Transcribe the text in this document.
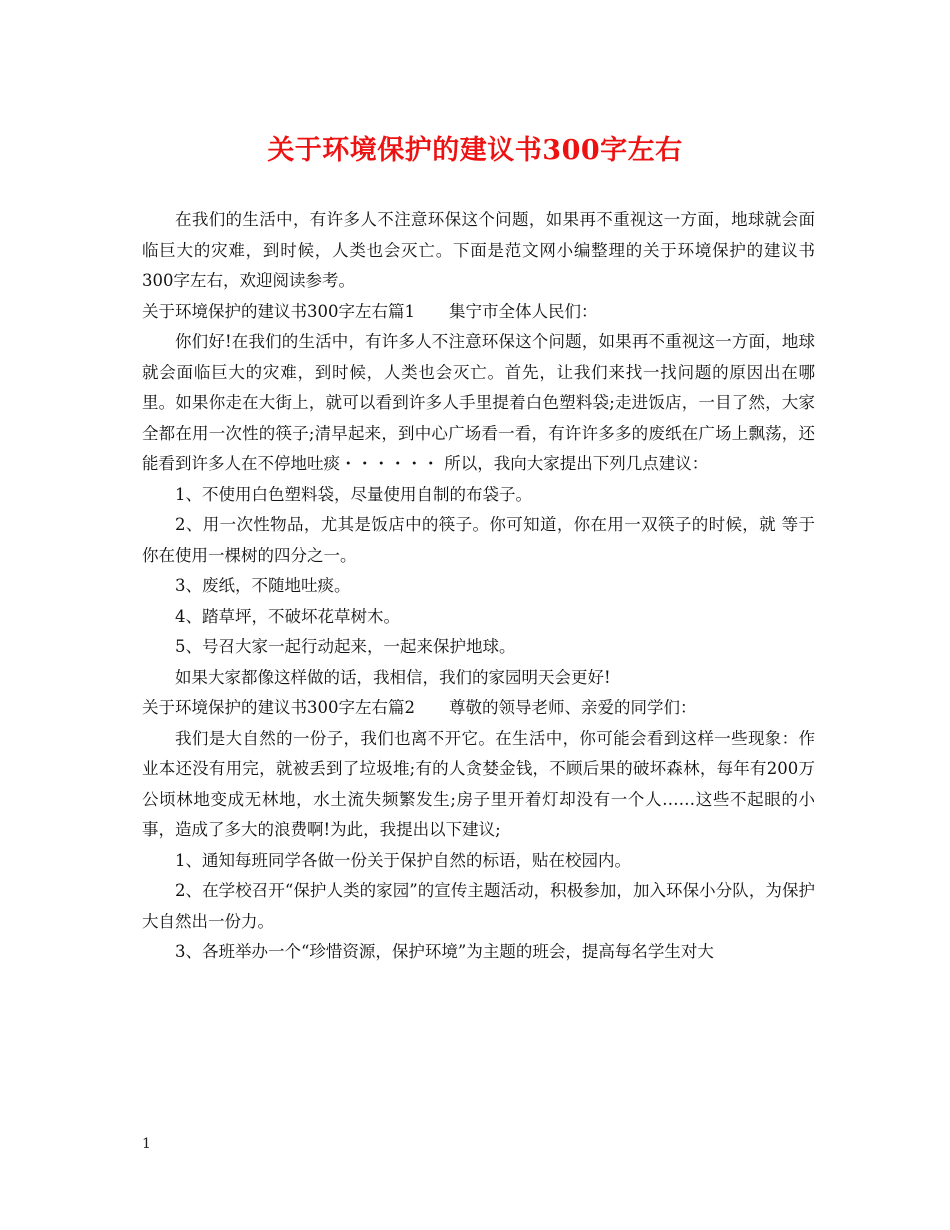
关于环境保护的建议书300字左右

在我们的生活中，有许多人不注意环保这个问题，如果再不重视这一方面，地球就会面临巨大的灾难，到时候，人类也会灭亡。下面是范文网小编整理的关于环境保护的建议书 300字左右，欢迎阅读参考。

关于环境保护的建议书300字左右篇1 集宁市全体人民们：

你们好!在我们的生活中，有许多人不注意环保这个问题，如果再不重视这一方面，地球就会面临巨大的灾难，到时候，人类也会灭亡。首先，让我们来找一找问题的原因出在哪里。如果你走在大街上，就可以看到许多人手里提着白色塑料袋;走进饭店，一目了然，大家全都在用一次性的筷子;清早起来，到中心广场看一看，有许许多多的废纸在广场上飘荡，还能看到许多人在不停地吐痰・・・・・・ 所以，我向大家提出下列几点建议：

1、不使用白色塑料袋，尽量使用自制的布袋子。

2、用一次性物品，尤其是饭店中的筷子。你可知道，你在用一双筷子的时候，就 等于你在使用一棵树的四分之一。

3、废纸，不随地吐痰。

4、踏草坪，不破坏花草树木。

5、号召大家一起行动起来，一起来保护地球。

如果大家都像这样做的话，我相信，我们的家园明天会更好!

关于环境保护的建议书300字左右篇2 尊敬的领导老师、亲爱的同学们：

我们是大自然的一份子，我们也离不开它。在生活中，你可能会看到这样一些现象：作业本还没有用完，就被丢到了垃圾堆;有的人贪婪金钱，不顾后果的破坏森林，每年有200万公顷林地变成无林地，水土流失频繁发生;房子里开着灯却没有一个人……这些不起眼的小事，造成了多大的浪费啊!为此，我提出以下建议;

1、通知每班同学各做一份关于保护自然的标语，贴在校园内。

2、在学校召开“保护人类的家园”的宣传主题活动，积极参加，加入环保小分队，为保护大自然出一份力。

3、各班举办一个“珍惜资源，保护环境”为主题的班会，提高每名学生对大

1
